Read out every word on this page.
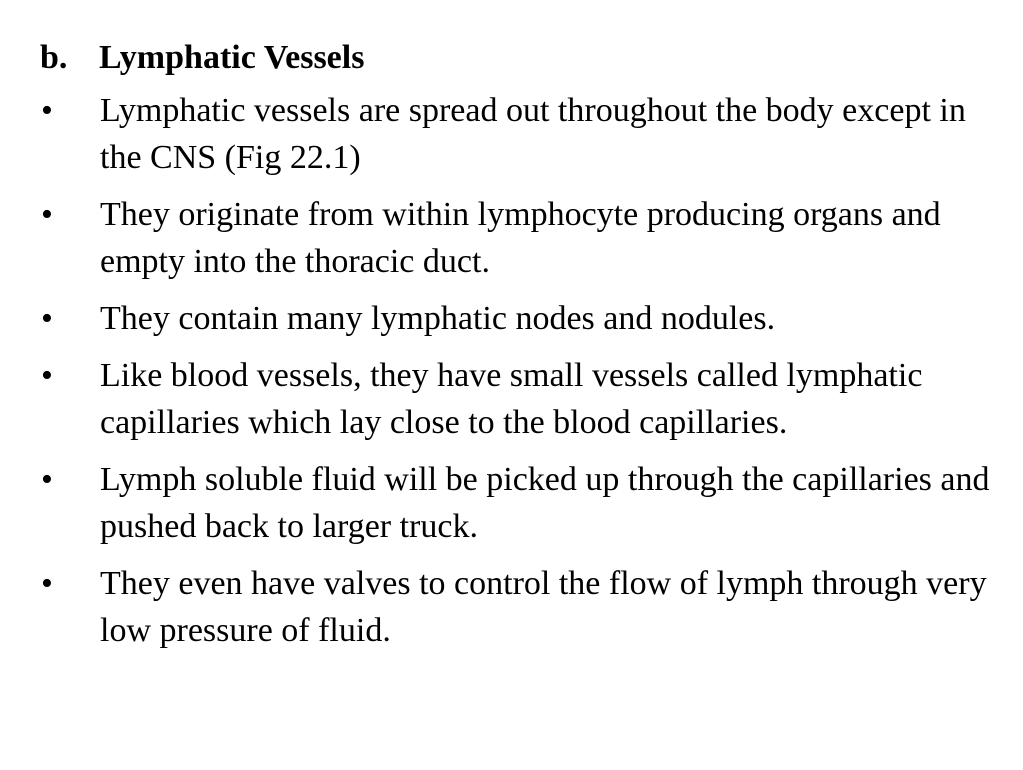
b. Lymphatic Vessels
•	Lymphatic vessels are spread out throughout the body except in the CNS (Fig 22.1)
•	They originate from within lymphocyte producing organs and empty into the thoracic duct.
•	They contain many lymphatic nodes and nodules.
•	Like blood vessels, they have small vessels called lymphatic capillaries which lay close to the blood capillaries.
•	Lymph soluble fluid will be picked up through the capillaries and pushed back to larger truck.
•	They even have valves to control the flow of lymph through very low pressure of fluid.
